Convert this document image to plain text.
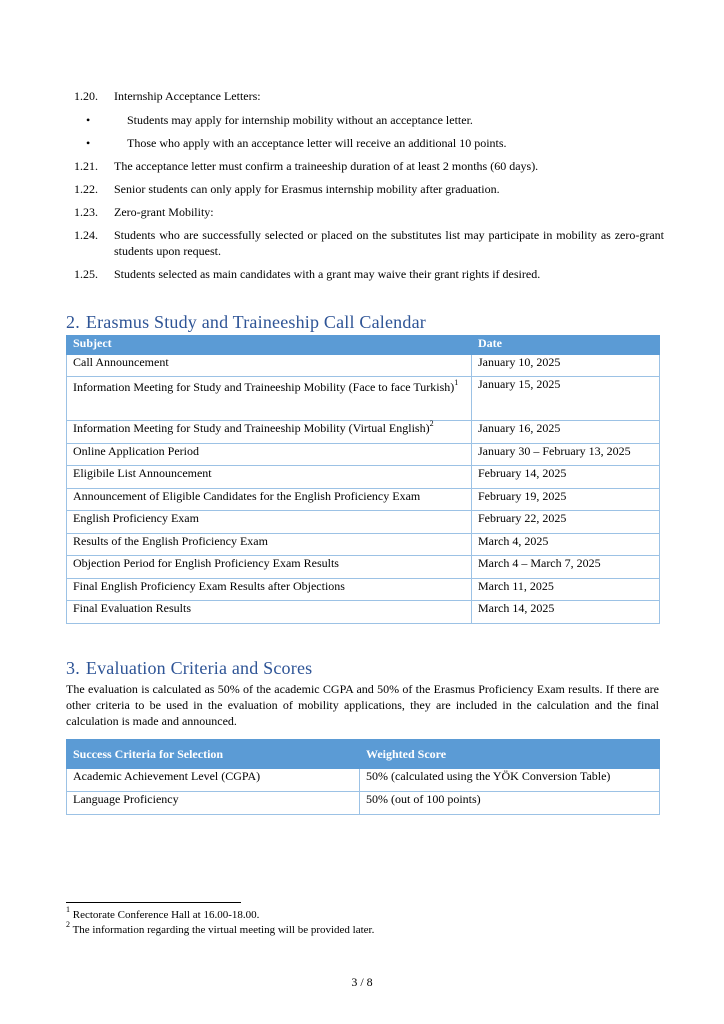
1.20.	Internship Acceptance Letters:
•	Students may apply for internship mobility without an acceptance letter.
•	Those who apply with an acceptance letter will receive an additional 10 points.
1.21.	The acceptance letter must confirm a traineeship duration of at least 2 months (60 days).
1.22.	Senior students can only apply for Erasmus internship mobility after graduation.
1.23.	Zero-grant Mobility:
1.24.	Students who are successfully selected or placed on the substitutes list may participate in mobility as zero-grant students upon request.
1.25.	Students selected as main candidates with a grant may waive their grant rights if desired.
2. Erasmus Study and Traineeship Call Calendar
Subject	Date
Call Announcement	January 10, 2025
Information Meeting for Study and Traineeship Mobility (Face to face Turkish)$^1$	January 15, 2025
Information Meeting for Study and Traineeship Mobility (Virtual English)$^2$	January 16, 2025
Online Application Period	January 30 – February 13, 2025
Eligibile List Announcement	February 14, 2025
Announcement of Eligible Candidates for the English Proficiency Exam	February 19, 2025
English Proficiency Exam	February 22, 2025
Results of the English Proficiency Exam	March 4, 2025
Objection Period for English Proficiency Exam Results	March 4 – March 7, 2025
Final English Proficiency Exam Results after Objections	March 11, 2025
Final Evaluation Results	March 14, 2025
3. Evaluation Criteria and Scores

The evaluation is calculated as 50% of the academic CGPA and 50% of the Erasmus Proficiency Exam results. If there are other criteria to be used in the evaluation of mobility applications, they are included in the calculation and the final calculation is made and announced.

Success Criteria for Selection	Weighted Score
Academic Achievement Level (CGPA)	50% (calculated using the YÖK Conversion Table)
Language Proficiency	50% (out of 100 points)
$^1$ Rectorate Conference Hall at 16.00-18.00.
$^2$ The information regarding the virtual meeting will be provided later.
3 / 8
